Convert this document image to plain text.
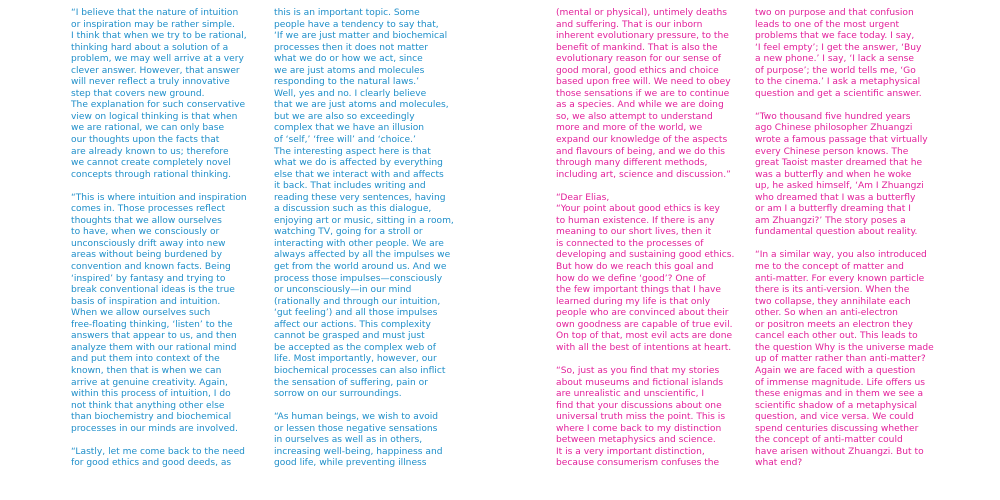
“I believe that the nature of intuition
or inspiration may be rather simple.
I think that when we try to be rational,
thinking hard about a solution of a
problem, we may well arrive at a very
clever answer. However, that answer
will never reflect a truly innovative
step that covers new ground.
The explanation for such conservative
view on logical thinking is that when
we are rational, we can only base
our thoughts upon the facts that
are already known to us; therefore
we cannot create completely novel
concepts through rational thinking.
“This is where intuition and inspiration
comes in. Those processes reflect
thoughts that we allow ourselves
to have, when we consciously or
unconsciously drift away into new
areas without being burdened by
convention and known facts. Being
‘inspired’ by fantasy and trying to
break conventional ideas is the true
basis of inspiration and intuition.
When we allow ourselves such
free-floating thinking, ‘listen’ to the
answers that appear to us, and then
analyze them with our rational mind
and put them into context of the
known, then that is when we can
arrive at genuine creativity. Again,
within this process of intuition, I do
not think that anything other else
than biochemistry and biochemical
processes in our minds are involved.
“Lastly, let me come back to the need
for good ethics and good deeds, as
this is an important topic. Some
people have a tendency to say that,
‘If we are just matter and biochemical
processes then it does not matter
what we do or how we act, since
we are just atoms and molecules
responding to the natural laws.’
Well, yes and no. I clearly believe
that we are just atoms and molecules,
but we are also so exceedingly
complex that we have an illusion
of ‘self,’ ‘free will’ and ‘choice.’
The interesting aspect here is that
what we do is affected by everything
else that we interact with and affects
it back. That includes writing and
reading these very sentences, having
a discussion such as this dialogue,
enjoying art or music, sitting in a room,
watching TV, going for a stroll or
interacting with other people. We are
always affected by all the impulses we
get from the world around us. And we
process those impulses—consciously
or unconsciously—in our mind
(rationally and through our intuition,
‘gut feeling’) and all those impulses
affect our actions. This complexity
cannot be grasped and must just
be accepted as the complex web of
life. Most importantly, however, our
biochemical processes can also inflict
the sensation of suffering, pain or
sorrow on our surroundings.
“As human beings, we wish to avoid
or lessen those negative sensations
in ourselves as well as in others,
increasing well-being, happiness and
good life, while preventing illness
(mental or physical), untimely deaths
and suffering. That is our inborn
inherent evolutionary pressure, to the
benefit of mankind. That is also the
evolutionary reason for our sense of
good moral, good ethics and choice
based upon free will. We need to obey
those sensations if we are to continue
as a species. And while we are doing
so, we also attempt to understand
more and more of the world, we
expand our knowledge of the aspects
and flavours of being, and we do this
through many different methods,
including art, science and discussion.”
“Dear Elias,
“Your point about good ethics is key
to human existence. If there is any
meaning to our short lives, then it
is connected to the processes of
developing and sustaining good ethics.
But how do we reach this goal and
how do we define ‘good’? One of
the few important things that I have
learned during my life is that only
people who are convinced about their
own goodness are capable of true evil.
On top of that, most evil acts are done
with all the best of intentions at heart.
“So, just as you find that my stories
about museums and fictional islands
are unrealistic and unscientific, I
find that your discussions about one
universal truth miss the point. This is
where I come back to my distinction
between metaphysics and science.
It is a very important distinction,
because consumerism confuses the
two on purpose and that confusion
leads to one of the most urgent
problems that we face today. I say,
‘I feel empty’; I get the answer, ‘Buy
a new phone.’ I say, ‘I lack a sense
of purpose’; the world tells me, ‘Go
to the cinema.’ I ask a metaphysical
question and get a scientific answer.
“Two thousand five hundred years
ago Chinese philosopher Zhuangzi
wrote a famous passage that virtually
every Chinese person knows. The
great Taoist master dreamed that he
was a butterfly and when he woke
up, he asked himself, ‘Am I Zhuangzi
who dreamed that I was a butterfly
or am I a butterfly dreaming that I
am Zhuangzi?’ The story poses a
fundamental question about reality.
“In a similar way, you also introduced
me to the concept of matter and
anti-matter. For every known particle
there is its anti-version. When the
two collapse, they annihilate each
other. So when an anti-electron
or positron meets an electron they
cancel each other out. This leads to
the question Why is the universe made
up of matter rather than anti-matter?
Again we are faced with a question
of immense magnitude. Life offers us
these enigmas and in them we see a
scientific shadow of a metaphysical
question, and vice versa. We could
spend centuries discussing whether
the concept of anti-matter could
have arisen without Zhuangzi. But to
what end?
